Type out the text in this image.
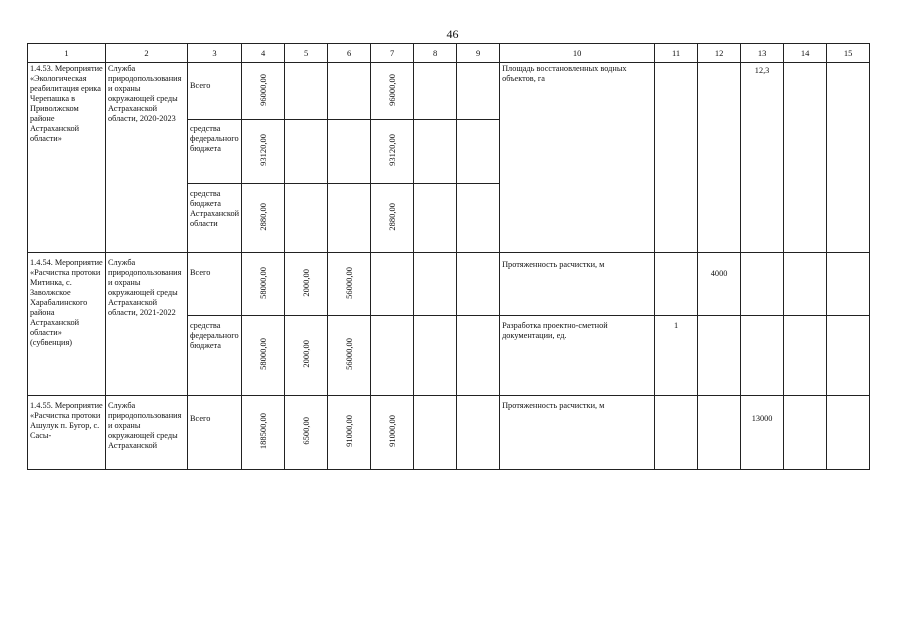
46
1	2	3	4	5	6	7	8	9	10	11	12	13	14	15
1.4.53. Мероприятие «Экологическая реабилитация ерика Черепашка в Приволжском районе Астраханской области»	Служба природопользования и охраны окружающей среды Астраханской области, 2020-2023	Всего	96000,00			96000,00			Площадь восстановленных водных объектов, га			12,3		
		средства федерального бюджета	93120,00			93120,00								
		средства бюджета Астраханской области	2880,00			2880,00								
1.4.54. Мероприятие «Расчистка протоки Митинка, с. Заволжское Харабалинского района Астраханской области» (субвенция)	Служба природопользования и охраны окружающей среды Астраханской области, 2021-2022	Всего	58000,00	2000,00	56000,00				Протяженность расчистки, м		4000			
		средства федерального бюджета	58000,00	2000,00	56000,00				Разработка проектно-сметной документации, ед.	1				
1.4.55. Мероприятие «Расчистка протоки Ашулук п. Бугор, с. Сасы-	Служба природопользования и охраны окружающей среды Астраханской	Всего	188500,00	6500,00	91000,00	91000,00			Протяженность расчистки, м			13000		
